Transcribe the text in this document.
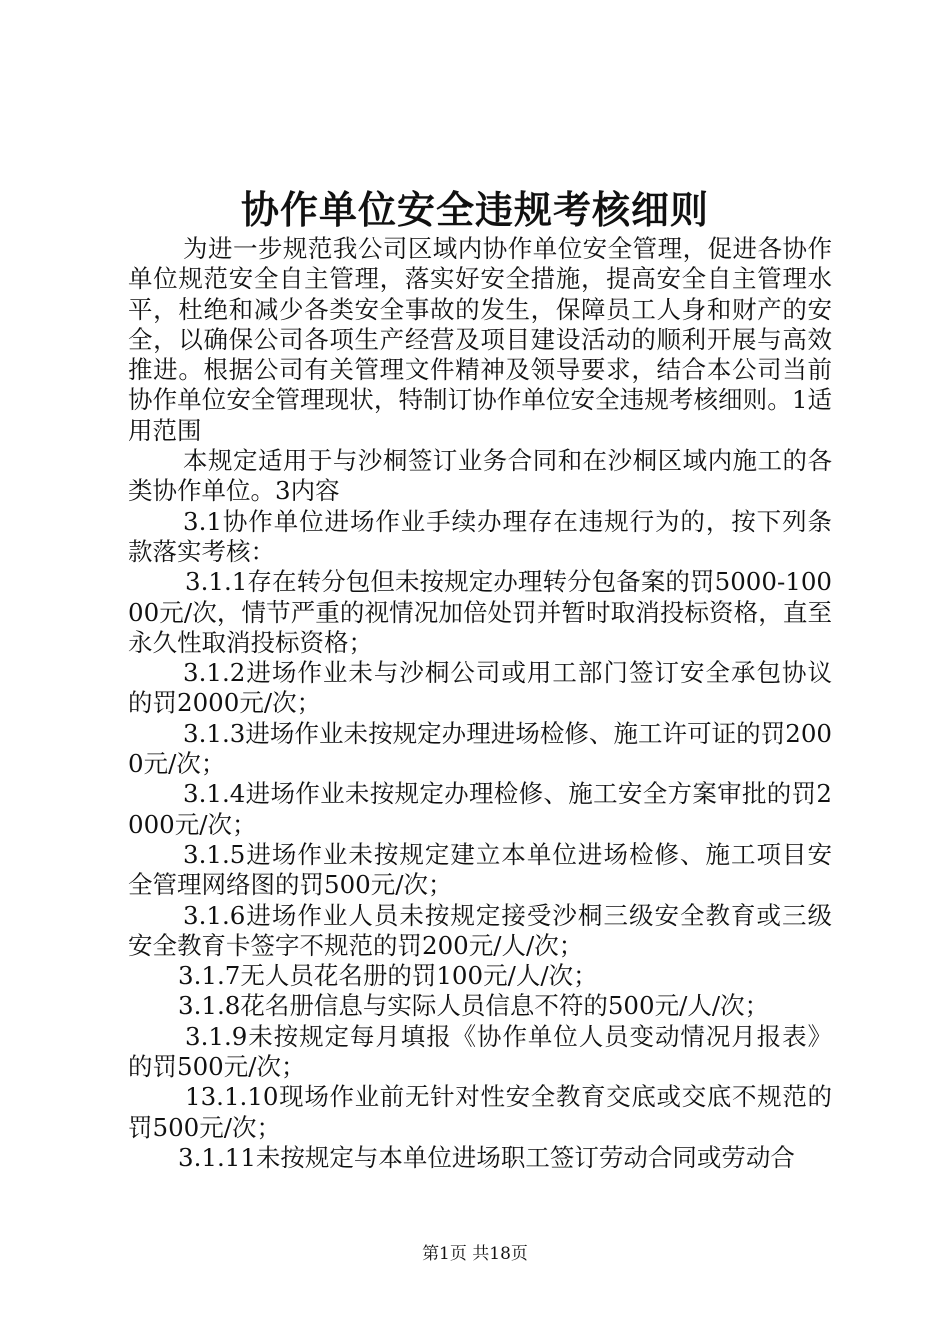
协作单位安全违规考核细则

为进一步规范我公司区域内协作单位安全管理，促进各协作单位规范安全自主管理，落实好安全措施，提高安全自主管理水平，杜绝和减少各类安全事故的发生，保障员工人身和财产的安全，以确保公司各项生产经营及项目建设活动的顺利开展与高效推进。根据公司有关管理文件精神及领导要求，结合本公司当前协作单位安全管理现状，特制订协作单位安全违规考核细则。1适用范围

本规定适用于与沙桐签订业务合同和在沙桐区域内施工的各类协作单位。3内容

3.1协作单位进场作业手续办理存在违规行为的，按下列条款落实考核：

3.1.1存在转分包但未按规定办理转分包备案的罚5000-10000元/次，情节严重的视情况加倍处罚并暂时取消投标资格，直至永久性取消投标资格；

3.1.2进场作业未与沙桐公司或用工部门签订安全承包协议的罚2000元/次；

3.1.3进场作业未按规定办理进场检修、施工许可证的罚2000元/次；

3.1.4进场作业未按规定办理检修、施工安全方案审批的罚2000元/次；

3.1.5进场作业未按规定建立本单位进场检修、施工项目安全管理网络图的罚500元/次；

3.1.6进场作业人员未按规定接受沙桐三级安全教育或三级安全教育卡签字不规范的罚200元/人/次；

3.1.7无人员花名册的罚100元/人/次；

3.1.8花名册信息与实际人员信息不符的500元/人/次；

3.1.9未按规定每月填报《协作单位人员变动情况月报表》的罚500元/次；

13.1.10现场作业前无针对性安全教育交底或交底不规范的罚500元/次；

3.1.11未按规定与本单位进场职工签订劳动合同或劳动合

第1页 共18页
